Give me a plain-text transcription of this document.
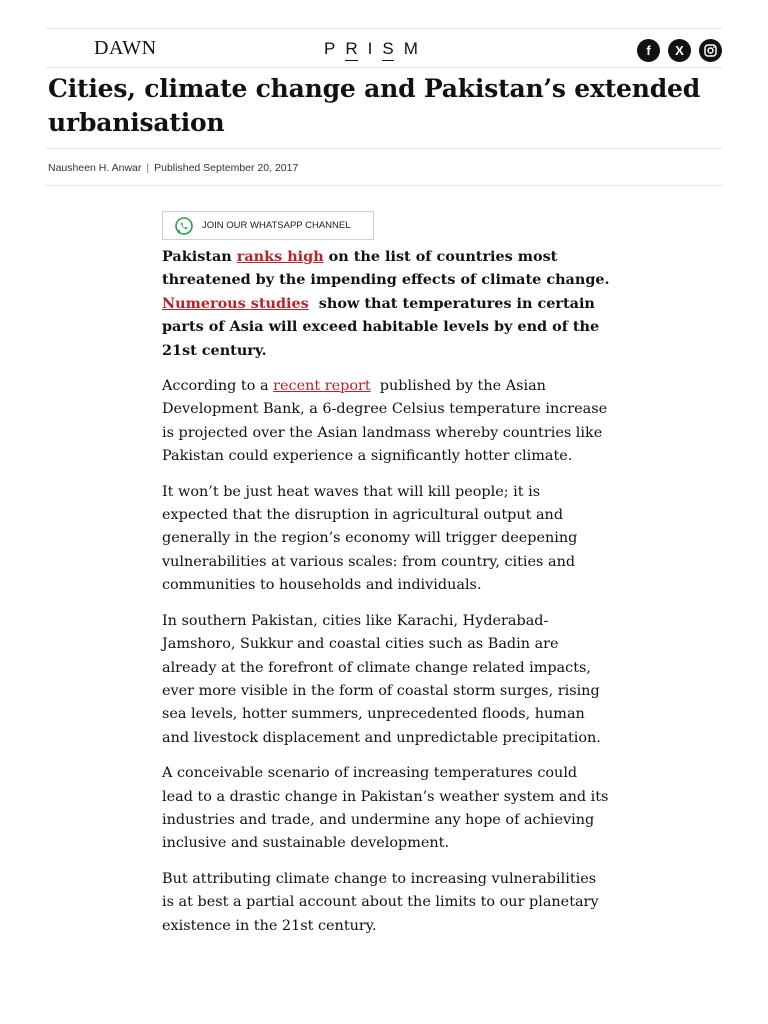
DAWN	P R I S M	f	X
Cities, climate change and Pakistan’s extended urbanisation
Nausheen H. Anwar | Published September 20, 2017
JOIN OUR WHATSAPP CHANNEL

Pakistan ranks high on the list of countries most threatened by the impending effects of climate change. Numerous studies  show that temperatures in certain parts of Asia will exceed habitable levels by end of the 21st century.

According to a recent report  published by the Asian Development Bank, a 6-degree Celsius temperature increase is projected over the Asian landmass whereby countries like Pakistan could experience a significantly hotter climate.

It won’t be just heat waves that will kill people; it is expected that the disruption in agricultural output and generally in the region’s economy will trigger deepening vulnerabilities at various scales: from country, cities and communities to households and individuals.

In southern Pakistan, cities like Karachi, Hyderabad-Jamshoro, Sukkur and coastal cities such as Badin are already at the forefront of climate change related impacts, ever more visible in the form of coastal storm surges, rising sea levels, hotter summers, unprecedented floods, human and livestock displacement and unpredictable precipitation.

A conceivable scenario of increasing temperatures could lead to a drastic change in Pakistan’s weather system and its industries and trade, and undermine any hope of achieving inclusive and sustainable development.

But attributing climate change to increasing vulnerabilities is at best a partial account about the limits to our planetary existence in the 21st century.
